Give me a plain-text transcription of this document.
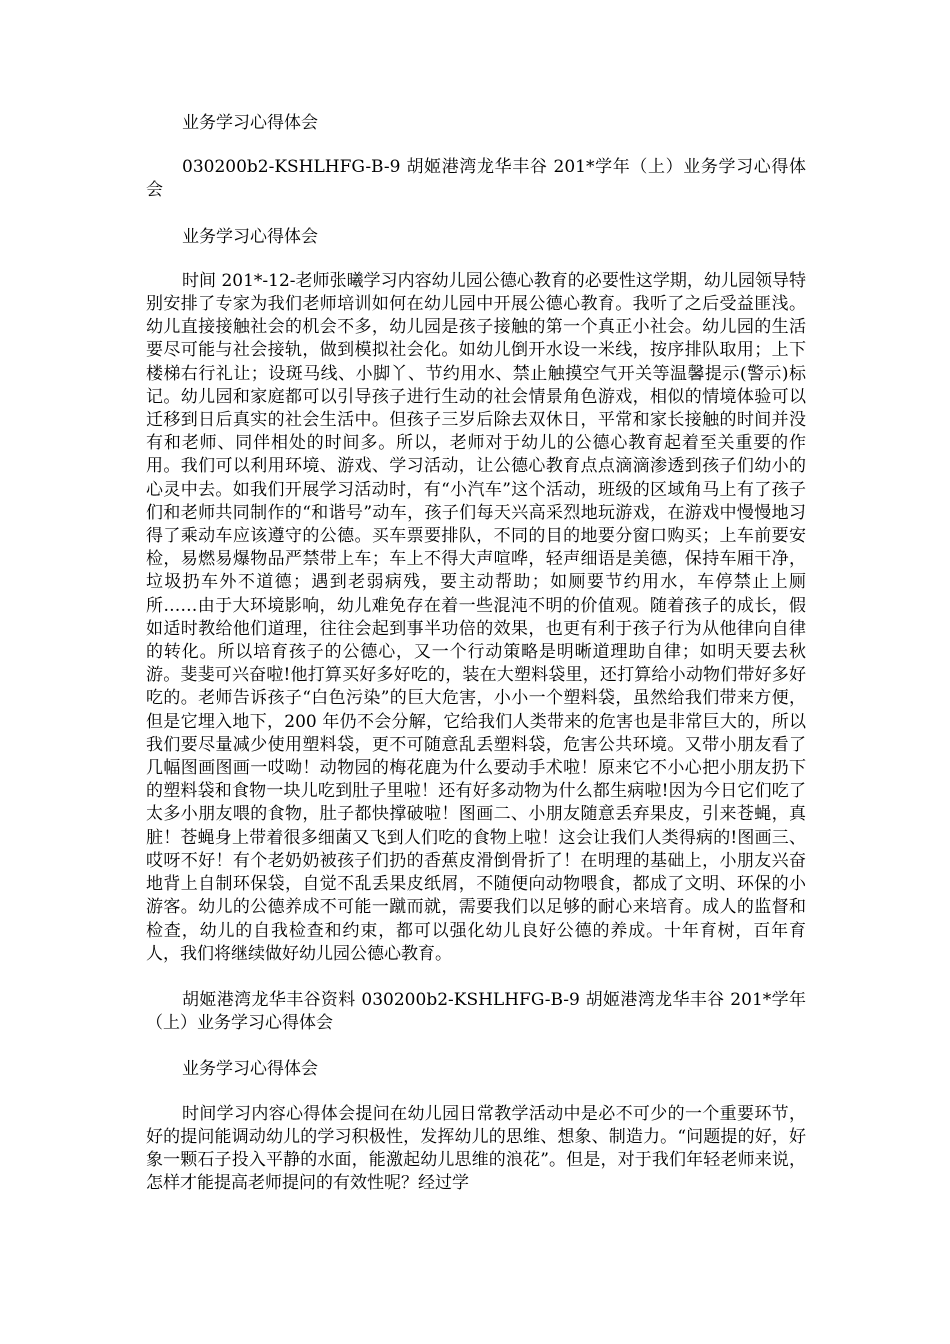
业务学习心得体会

030200b2-KSHLHFG-B-9 胡姬港湾龙华丰谷 201*学年（上）业务学习心得体会

业务学习心得体会

时间 201*-12-老师张曦学习内容幼儿园公德心教育的必要性这学期，幼儿园领导特别安排了专家为我们老师培训如何在幼儿园中开展公德心教育。我听了之后受益匪浅。幼儿直接接触社会的机会不多，幼儿园是孩子接触的第一个真正小社会。幼儿园的生活要尽可能与社会接轨，做到模拟社会化。如幼儿倒开水设一米线，按序排队取用；上下楼梯右行礼让；设斑马线、小脚丫、节约用水、禁止触摸空气开关等温馨提示(警示)标记。幼儿园和家庭都可以引导孩子进行生动的社会情景角色游戏，相似的情境体验可以迁移到日后真实的社会生活中。但孩子三岁后除去双休日，平常和家长接触的时间并没有和老师、同伴相处的时间多。所以，老师对于幼儿的公德心教育起着至关重要的作用。我们可以利用环境、游戏、学习活动，让公德心教育点点滴滴渗透到孩子们幼小的心灵中去。如我们开展学习活动时，有“小汽车”这个活动，班级的区域角马上有了孩子们和老师共同制作的“和谐号”动车，孩子们每天兴高采烈地玩游戏，在游戏中慢慢地习得了乘动车应该遵守的公德。买车票要排队，不同的目的地要分窗口购买；上车前要安检，易燃易爆物品严禁带上车；车上不得大声喧哗，轻声细语是美德，保持车厢干净，垃圾扔车外不道德；遇到老弱病残，要主动帮助；如厕要节约用水，车停禁止上厕所……由于大环境影响，幼儿难免存在着一些混沌不明的价值观。随着孩子的成长，假如适时教给他们道理，往往会起到事半功倍的效果，也更有利于孩子行为从他律向自律的转化。所以培育孩子的公德心，又一个行动策略是明晰道理助自律；如明天要去秋游。斐斐可兴奋啦!他打算买好多好吃的，装在大塑料袋里，还打算给小动物们带好多好吃的。老师告诉孩子“白色污染”的巨大危害，小小一个塑料袋，虽然给我们带来方便，但是它埋入地下，200 年仍不会分解，它给我们人类带来的危害也是非常巨大的，所以我们要尽量减少使用塑料袋，更不可随意乱丢塑料袋，危害公共环境。又带小朋友看了几幅图画图画一哎呦！动物园的梅花鹿为什么要动手术啦！原来它不小心把小朋友扔下的塑料袋和食物一块儿吃到肚子里啦！还有好多动物为什么都生病啦!因为今日它们吃了太多小朋友喂的食物，肚子都快撑破啦！图画二、小朋友随意丢弃果皮，引来苍蝇，真脏！苍蝇身上带着很多细菌又飞到人们吃的食物上啦！这会让我们人类得病的!图画三、哎呀不好！有个老奶奶被孩子们扔的香蕉皮滑倒骨折了！在明理的基础上，小朋友兴奋地背上自制环保袋，自觉不乱丢果皮纸屑，不随便向动物喂食，都成了文明、环保的小游客。幼儿的公德养成不可能一蹴而就，需要我们以足够的耐心来培育。成人的监督和检查，幼儿的自我检查和约束，都可以强化幼儿良好公德的养成。十年育树，百年育人，我们将继续做好幼儿园公德心教育。

胡姬港湾龙华丰谷资料 030200b2-KSHLHFG-B-9 胡姬港湾龙华丰谷 201*学年（上）业务学习心得体会

业务学习心得体会

时间学习内容心得体会提问在幼儿园日常教学活动中是必不可少的一个重要环节，好的提问能调动幼儿的学习积极性，发挥幼儿的思维、想象、制造力。“问题提的好，好象一颗石子投入平静的水面，能激起幼儿思维的浪花”。但是，对于我们年轻老师来说，怎样才能提高老师提问的有效性呢？经过学
